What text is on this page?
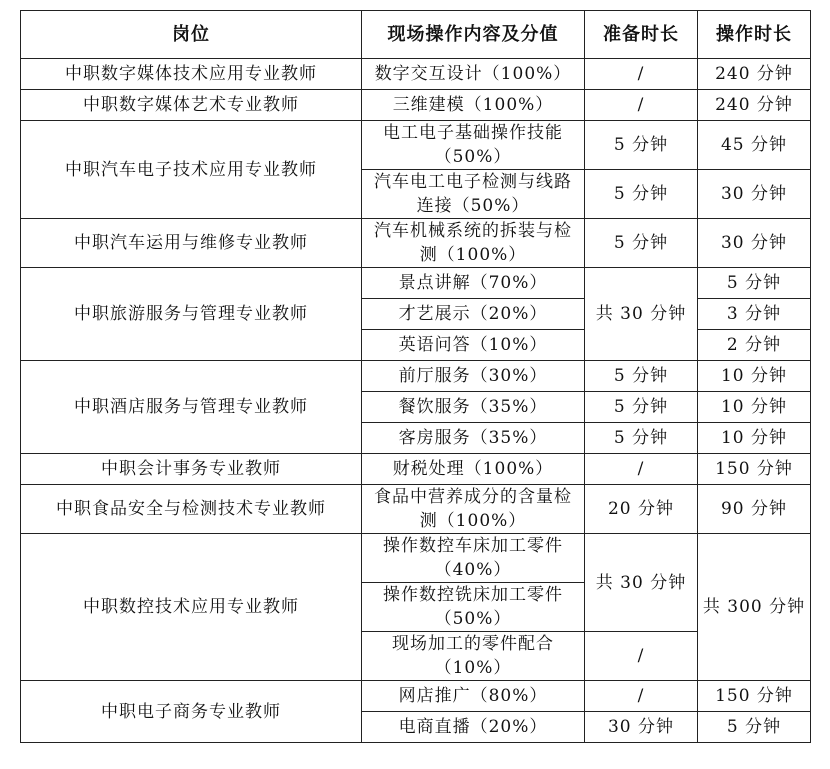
岗位	现场操作内容及分值	准备时长	操作时长
中职数字媒体技术应用专业教师	数字交互设计（100%）	/	240 分钟
中职数字媒体艺术专业教师	三维建模（100%）	/	240 分钟
中职汽车电子技术应用专业教师	电工电子基础操作技能（50%）	5 分钟	45 分钟
	汽车电工电子检测与线路连接（50%）	5 分钟	30 分钟
中职汽车运用与维修专业教师	汽车机械系统的拆装与检测（100%）	5 分钟	30 分钟
中职旅游服务与管理专业教师	景点讲解（70%）	共 30 分钟	5 分钟
	才艺展示（20%）		3 分钟
	英语问答（10%）		2 分钟
中职酒店服务与管理专业教师	前厅服务（30%）	5 分钟	10 分钟
	餐饮服务（35%）	5 分钟	10 分钟
	客房服务（35%）	5 分钟	10 分钟
中职会计事务专业教师	财税处理（100%）	/	150 分钟
中职食品安全与检测技术专业教师	食品中营养成分的含量检测（100%）	20 分钟	90 分钟
中职数控技术应用专业教师	操作数控车床加工零件（40%）	共 30 分钟	共 300 分钟
	操作数控铣床加工零件（50%）		
	现场加工的零件配合（10%）	/	
中职电子商务专业教师	网店推广（80%）	/	150 分钟
	电商直播（20%）	30 分钟	5 分钟
